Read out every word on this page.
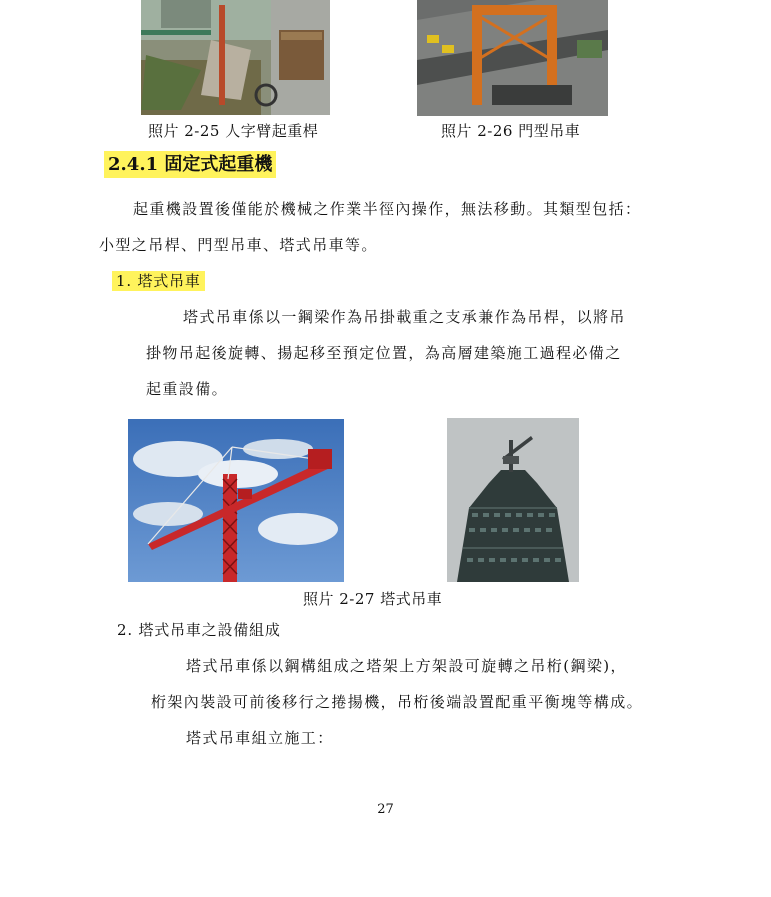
照片 2-25 人字臂起重桿	照片 2-26 門型吊車
2.4.1 固定式起重機
起重機設置後僅能於機械之作業半徑內操作，無法移動。其類型包括：
小型之吊桿、門型吊車、塔式吊車等。
1. 塔式吊車
塔式吊車係以一鋼梁作為吊掛載重之支承兼作為吊桿，以將吊
掛物吊起後旋轉、揚起移至預定位置，為高層建築施工過程必備之
起重設備。
照片 2-27 塔式吊車
2. 塔式吊車之設備組成
塔式吊車係以鋼構組成之塔架上方架設可旋轉之吊桁(鋼梁)，
桁架內裝設可前後移行之捲揚機，吊桁後端設置配重平衡塊等構成。
塔式吊車組立施工：
27
